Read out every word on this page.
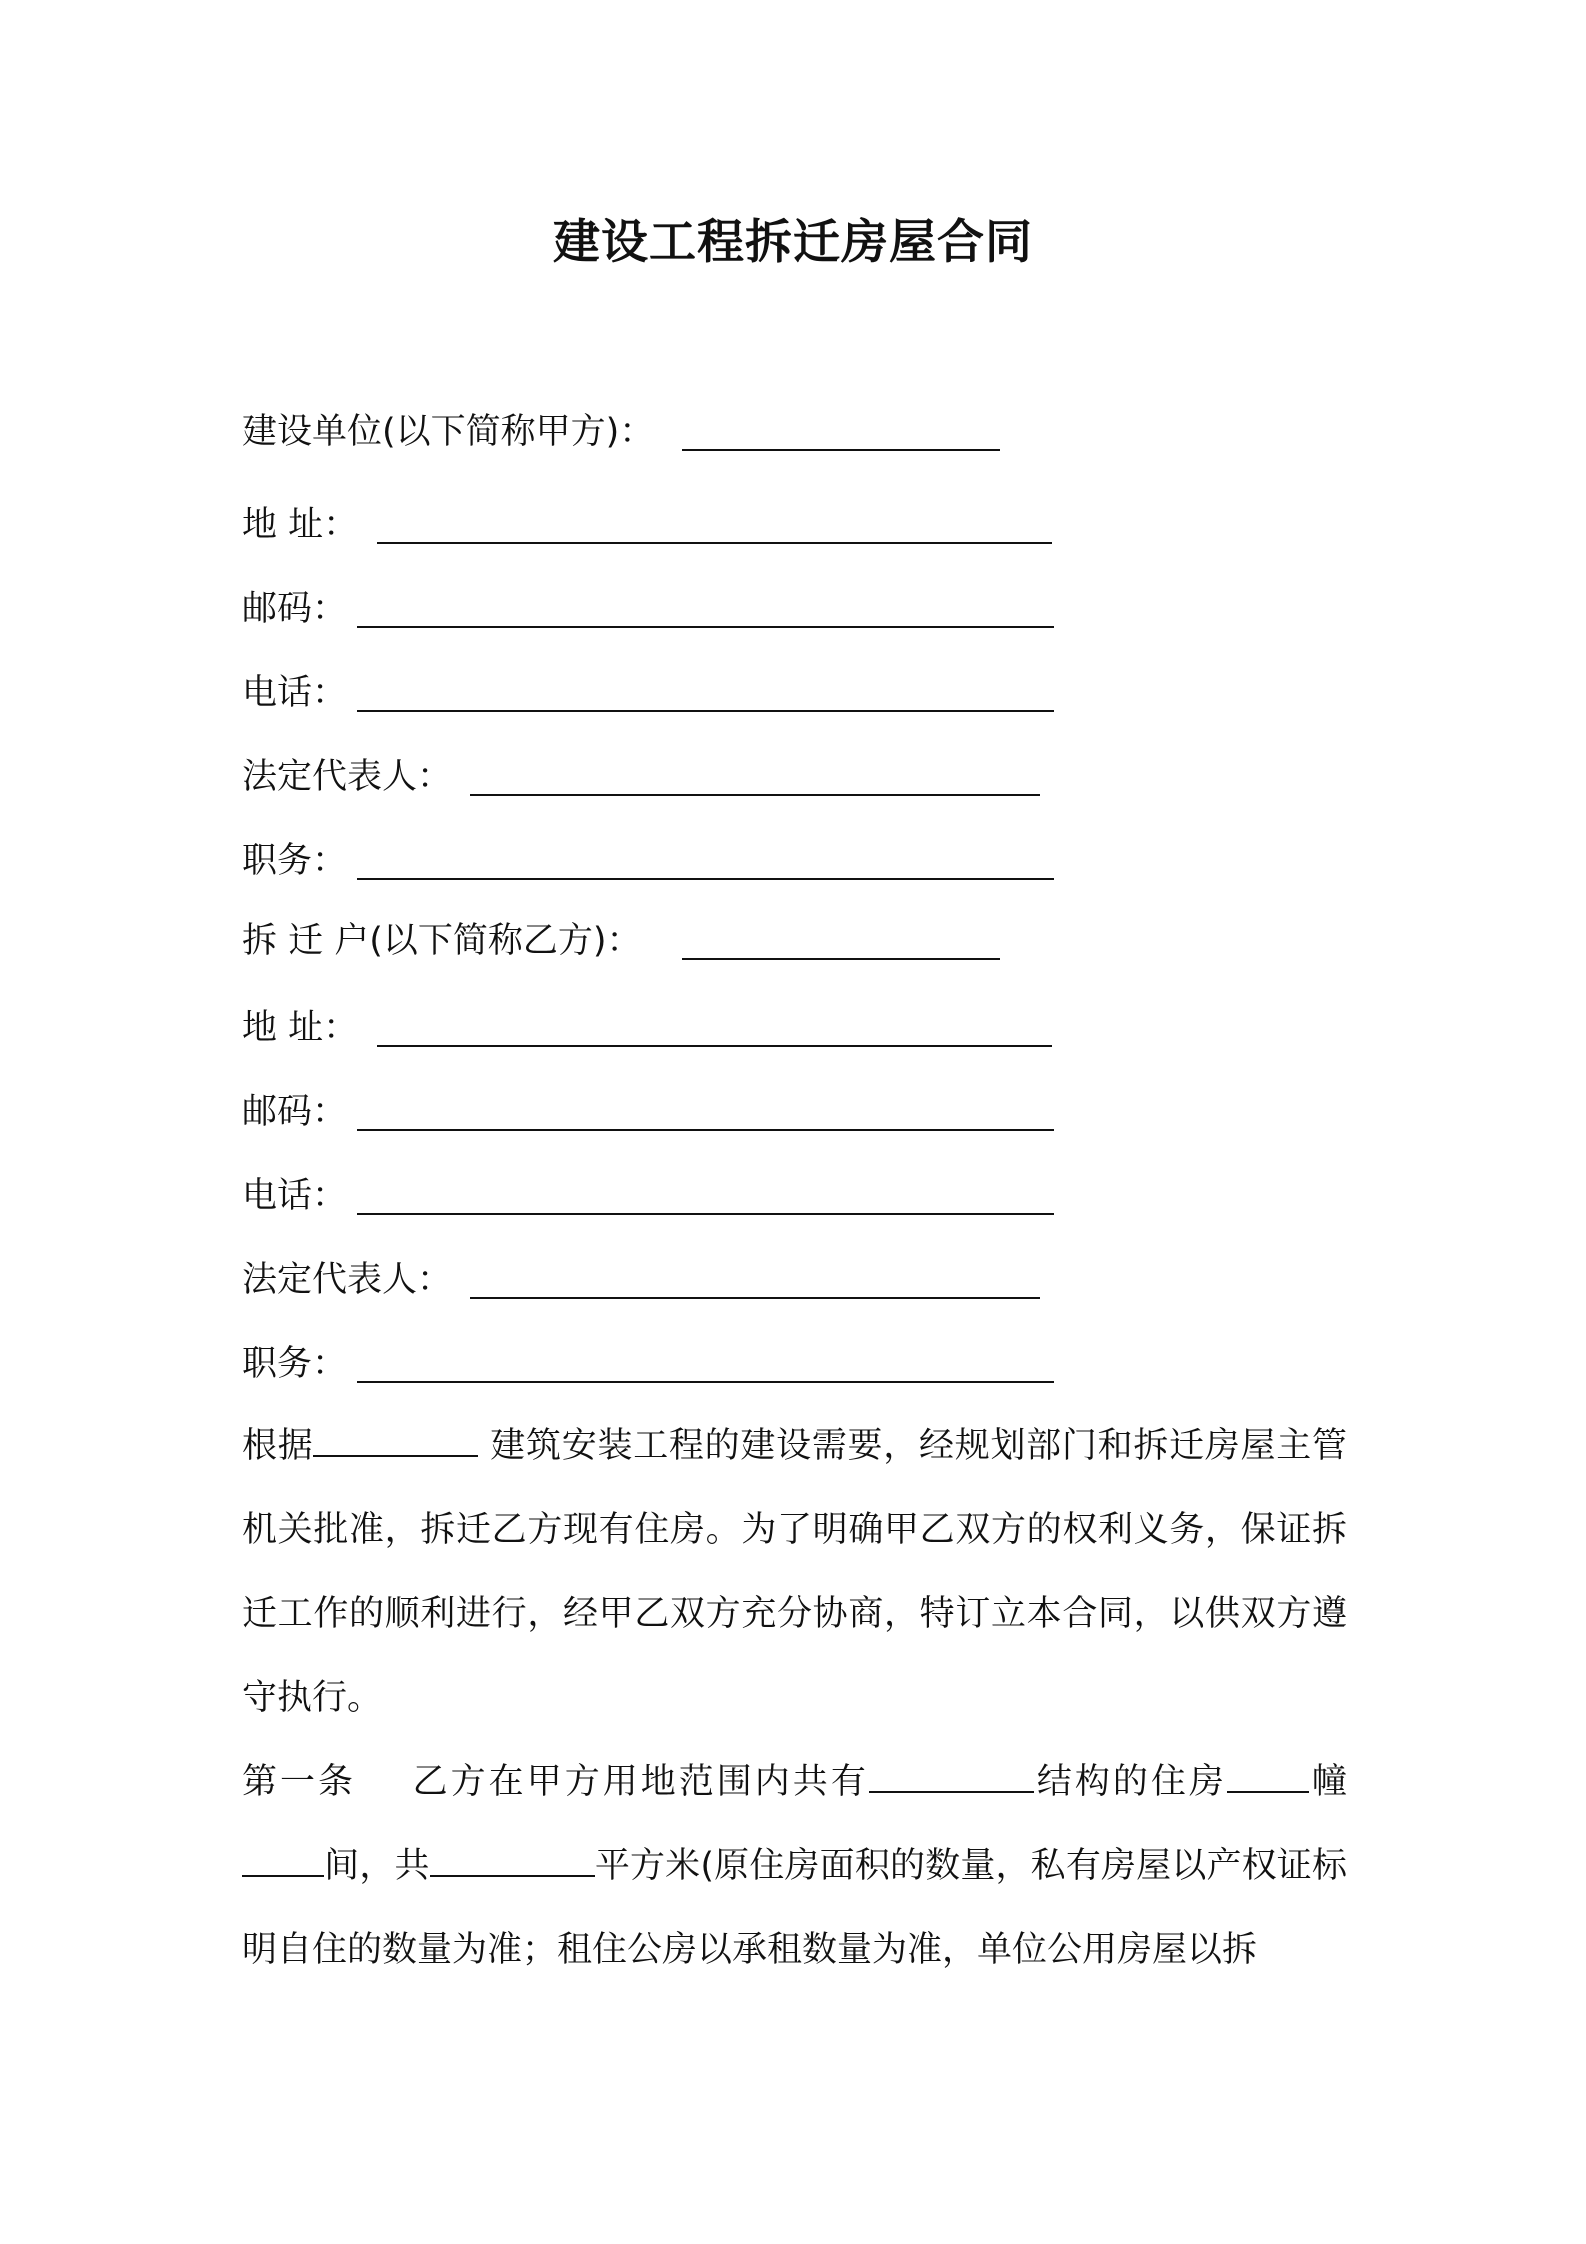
建设工程拆迁房屋合同
建设单位(以下简称甲方)：
地 址：
邮码：
电话：
法定代表人：
职务：
拆 迁 户(以下简称乙方)：
地 址：
邮码：
电话：
法定代表人：
职务：

根据	建筑安装工程的建设需要，经规划部门和拆迁房屋主管机关批准，拆迁乙方现有住房。为了明确甲乙双方的权利义务，保证拆迁工作的顺利进行，经甲乙双方充分协商，特订立本合同，以供双方遵守执行。

第一条 乙方在甲方用地范围内共有	结构的住房 幢间，共	平方米(原住房面积的数量，私有房屋以产权证标明自住的数量为准；租住公房以承租数量为准，单位公用房屋以拆
